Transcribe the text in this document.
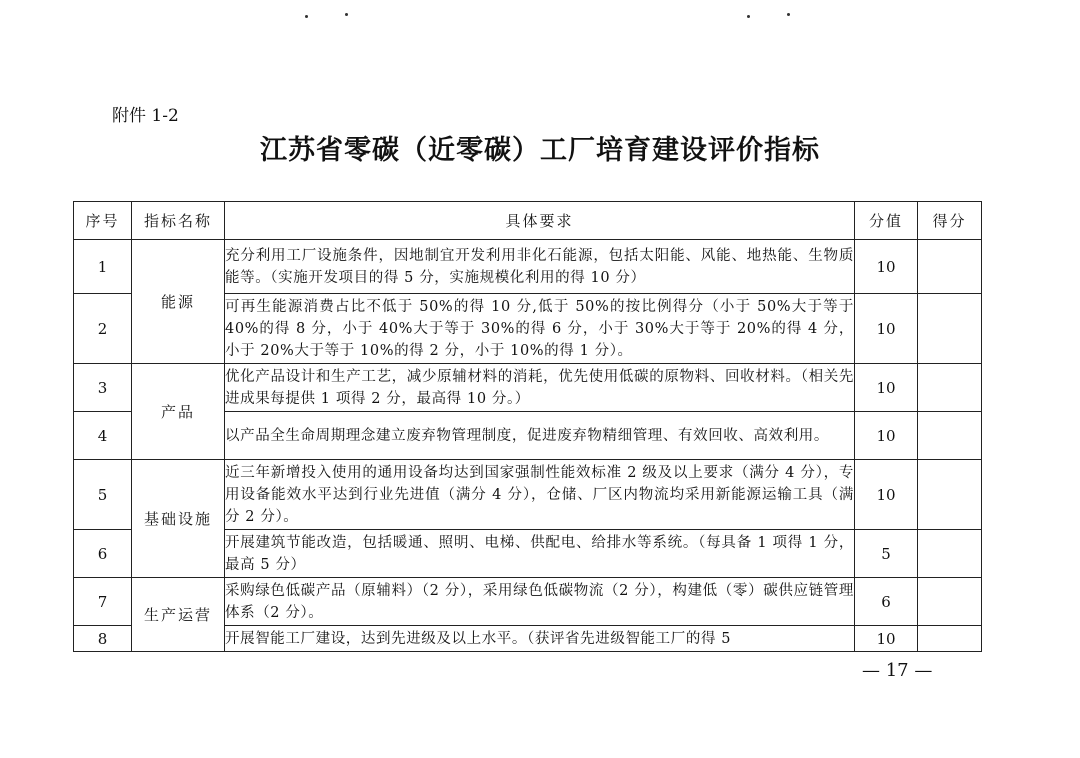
附件 1-2
江苏省零碳（近零碳）工厂培育建设评价指标
序号	指标名称	具体要求	分值	得分
1	能源	充分利用工厂设施条件，因地制宜开发利用非化石能源，包括太阳能、风能、地热能、生物质能等。（实施开发项目的得 5 分，实施规模化利用的得 10 分）	10	
2		可再生能源消费占比不低于 50%的得 10 分,低于 50%的按比例得分（小于 50%大于等于 40%的得 8 分，小于 40%大于等于 30%的得 6 分，小于 30%大于等于 20%的得 4 分，小于 20%大于等于 10%的得 2 分，小于 10%的得 1 分）。	10	
3	产品	优化产品设计和生产工艺，减少原辅材料的消耗，优先使用低碳的原物料、回收材料。（相关先进成果每提供 1 项得 2 分，最高得 10 分。）	10	
4		以产品全生命周期理念建立废弃物管理制度，促进废弃物精细管理、有效回收、高效利用。	10	
5	基础设施	近三年新增投入使用的通用设备均达到国家强制性能效标准 2 级及以上要求（满分 4 分），专用设备能效水平达到行业先进值（满分 4 分），仓储、厂区内物流均采用新能源运输工具（满分 2 分）。	10	
6		开展建筑节能改造，包括暖通、照明、电梯、供配电、给排水等系统。（每具备 1 项得 1 分，最高 5 分）	5	
7	生产运营	采购绿色低碳产品（原辅料）（2 分），采用绿色低碳物流（2 分），构建低（零）碳供应链管理体系（2 分）。	6	
8		开展智能工厂建设，达到先进级及以上水平。（获评省先进级智能工厂的得 5	10	
— 17 —
